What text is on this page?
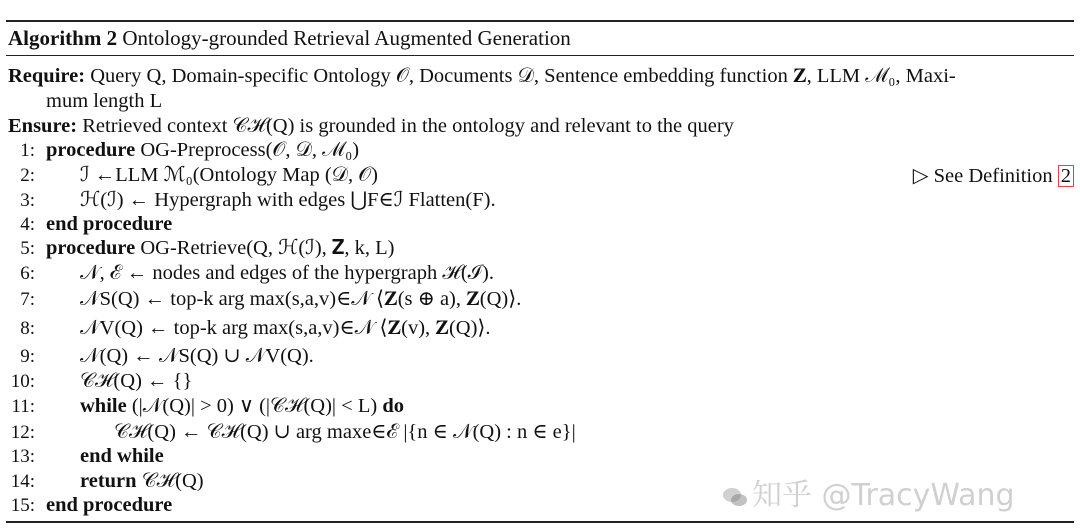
Algorithm 2 Ontology-grounded Retrieval Augmented Generation
Require: Query Q, Domain-specific Ontology 𝒪, Documents 𝒟, Sentence embedding function 𝐙, LLM ℳ₀, Maxi-
mum length L
Ensure: Retrieved context 𝒞ℋ(Q) is grounded in the ontology and relevant to the query
1: procedure OG-Preprocess(𝒪, 𝒟, ℳ₀)
2: ℐ ←LLM ℳ₀(Ontology Map (𝒟, 𝒪)
3: ℋ(ℐ) ← Hypergraph with edges ⋃F∈ℐ Flatten(F).
4: end procedure
5: procedure OG-Retrieve(Q, ℋ(ℐ), 𝐙, k, L)
6: 𝒩, ℰ ← nodes and edges of the hypergraph ℋ(ℐ).
7: 𝒩S(Q) ← top-k arg max(s,a,v)∈𝒩 ⟨𝐙(s ⊕ a), 𝐙(Q)⟩.
8: 𝒩V(Q) ← top-k arg max(s,a,v)∈𝒩 ⟨𝐙(v), 𝐙(Q)⟩.
9: 𝒩(Q) ← 𝒩S(Q) ∪ 𝒩V(Q).
10: 𝒞ℋ(Q) ← {}
11: while (|𝒩(Q)| > 0) ∨ (|𝒞ℋ(Q)| < L) do
12:	𝒞ℋ(Q) ← 𝒞ℋ(Q) ∪ arg maxe∈ℰ |{n ∈ 𝒩(Q) : n ∈ e}|
13: end while
14: return 𝒞ℋ(Q)
15: end procedure
▷ See Definition 2
知乎 @TracyWang
